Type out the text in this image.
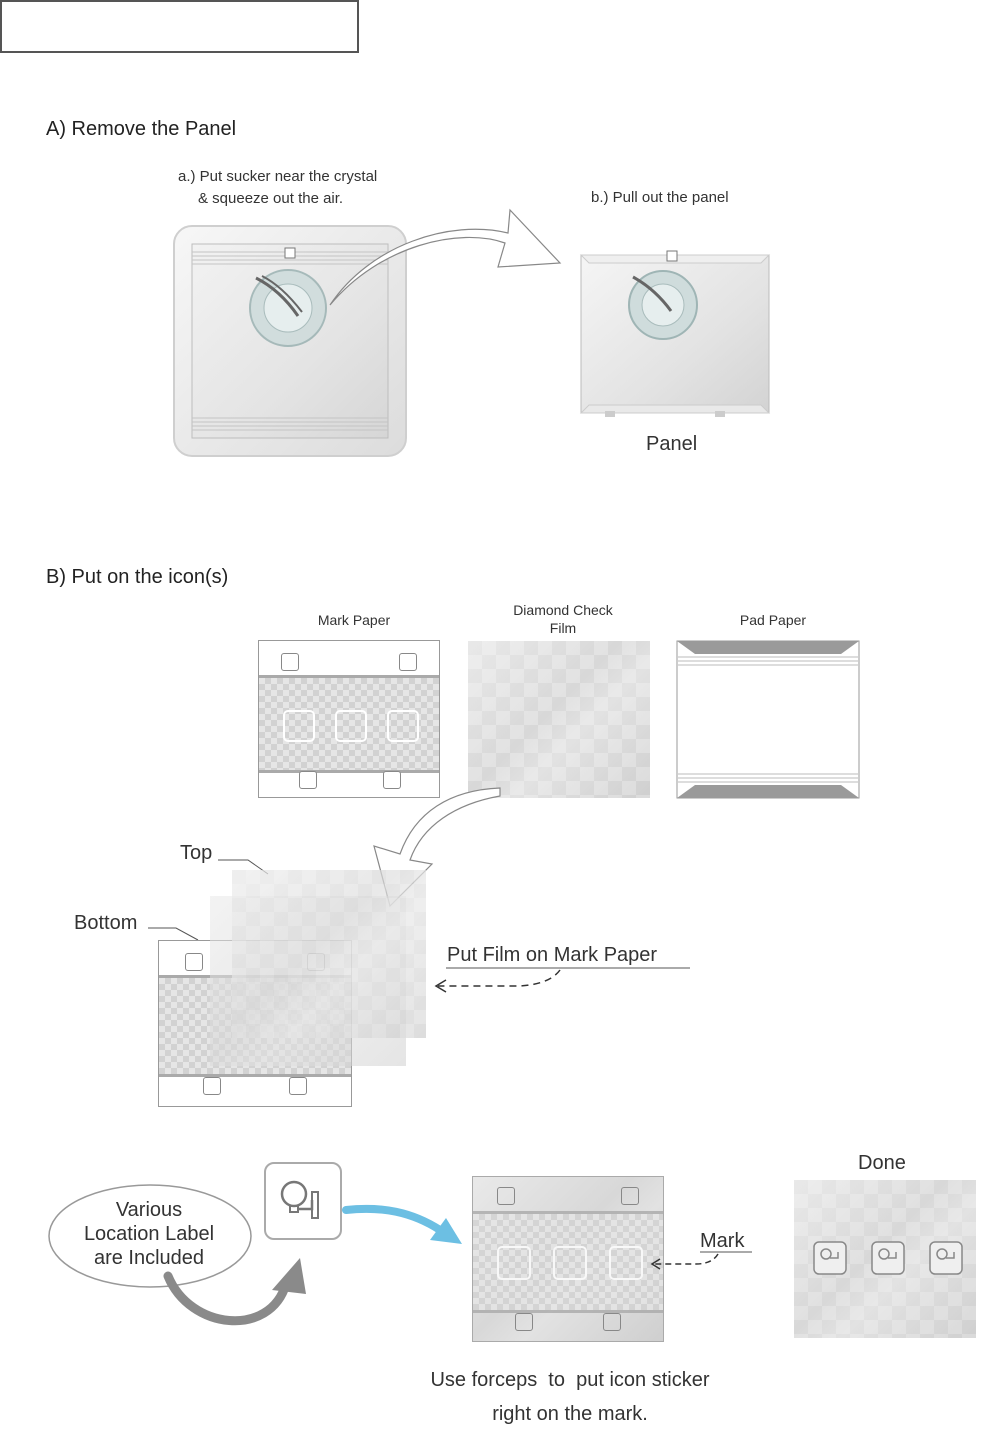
A) Remove the Panel
a.) Put sucker near the crystal
& squeeze out the air.	b.) Pull out the panel
Panel
B) Put on the icon(s)
Mark Paper
Diamond Check
Film	Pad Paper
Top
Bottom
Put Film on Mark Paper
Various
Location Label
are Included
Mark
Done
Use forceps  to  put icon sticker
right on the mark.
